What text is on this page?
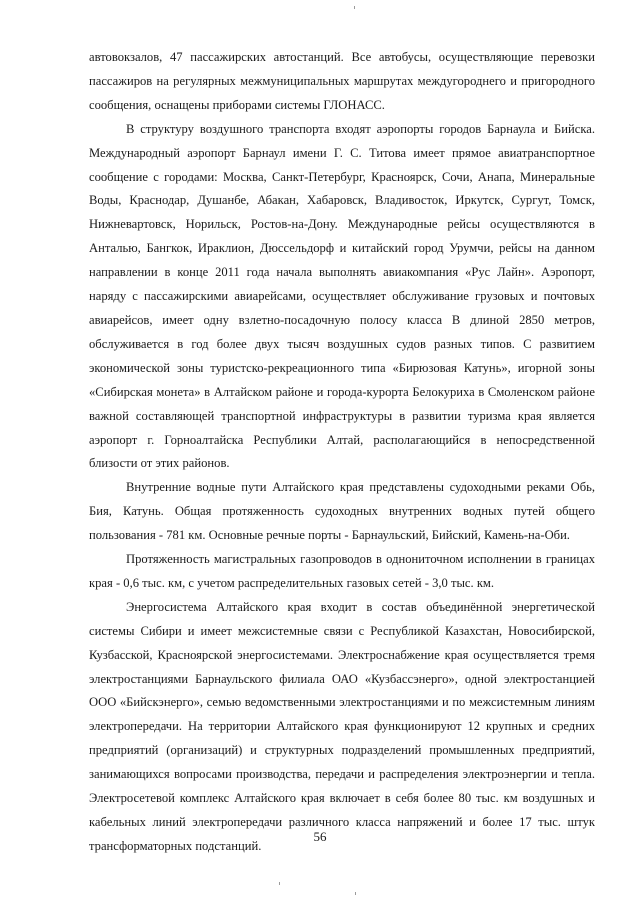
автовокзалов, 47 пассажирских автостанций. Все автобусы, осуществляющие перевозки пассажиров на регулярных межмуниципальных маршрутах междугороднего и пригородного сообщения, оснащены приборами системы ГЛОНАСС.

В структуру воздушного транспорта входят аэропорты городов Барнаула и Бийска. Международный аэропорт Барнаул имени Г. С. Титова имеет прямое авиатранспортное сообщение с городами: Москва, Санкт-Петербург, Красноярск, Сочи, Анапа, Минеральные Воды, Краснодар, Душанбе, Абакан, Хабаровск, Владивосток, Иркутск, Сургут, Томск, Нижневартовск, Норильск, Ростов-на-Дону. Международные рейсы осуществляются в Анталью, Бангкок, Ираклион, Дюссельдорф и китайский город Урумчи, рейсы на данном направлении в конце 2011 года начала выполнять авиакомпания «Рус Лайн». Аэропорт, наряду с пассажирскими авиарейсами, осуществляет обслуживание грузовых и почтовых авиарейсов, имеет одну взлетно-посадочную полосу класса В длиной 2850 метров, обслуживается в год более двух тысяч воздушных судов разных типов. С развитием экономической зоны туристско-рекреационного типа «Бирюзовая Катунь», игорной зоны «Сибирская монета» в Алтайском районе и города-курорта Белокуриха в Смоленском районе важной составляющей транспортной инфраструктуры в развитии туризма края является аэропорт г. Горноалтайска Республики Алтай, располагающийся в непосредственной близости от этих районов.

Внутренние водные пути Алтайского края представлены судоходными реками Обь, Бия, Катунь. Общая протяженность судоходных внутренних водных путей общего пользования - 781 км. Основные речные порты - Барнаульский, Бийский, Камень-на-Оби.

Протяженность магистральных газопроводов в однониточном исполнении в границах края - 0,6 тыс. км, с учетом распределительных газовых сетей - 3,0 тыс. км.

Энергосистема Алтайского края входит в состав объединённой энергетической системы Сибири и имеет межсистемные связи с Республикой Казахстан, Новосибирской, Кузбасской, Красноярской энергосистемами. Электроснабжение края осуществляется тремя электростанциями Барнаульского филиала ОАО «Кузбассэнерго», одной электростанцией ООО «Бийскэнерго», семью ведомственными электростанциями и по межсистемным линиям электропередачи. На территории Алтайского края функционируют 12 крупных и средних предприятий (организаций) и структурных подразделений промышленных предприятий, занимающихся вопросами производства, передачи и распределения электроэнергии и тепла. Электросетевой комплекс Алтайского края включает в себя более 80 тыс. км воздушных и кабельных линий электропередачи различного класса напряжений и более 17 тыс. штук трансформаторных подстанций.

56
